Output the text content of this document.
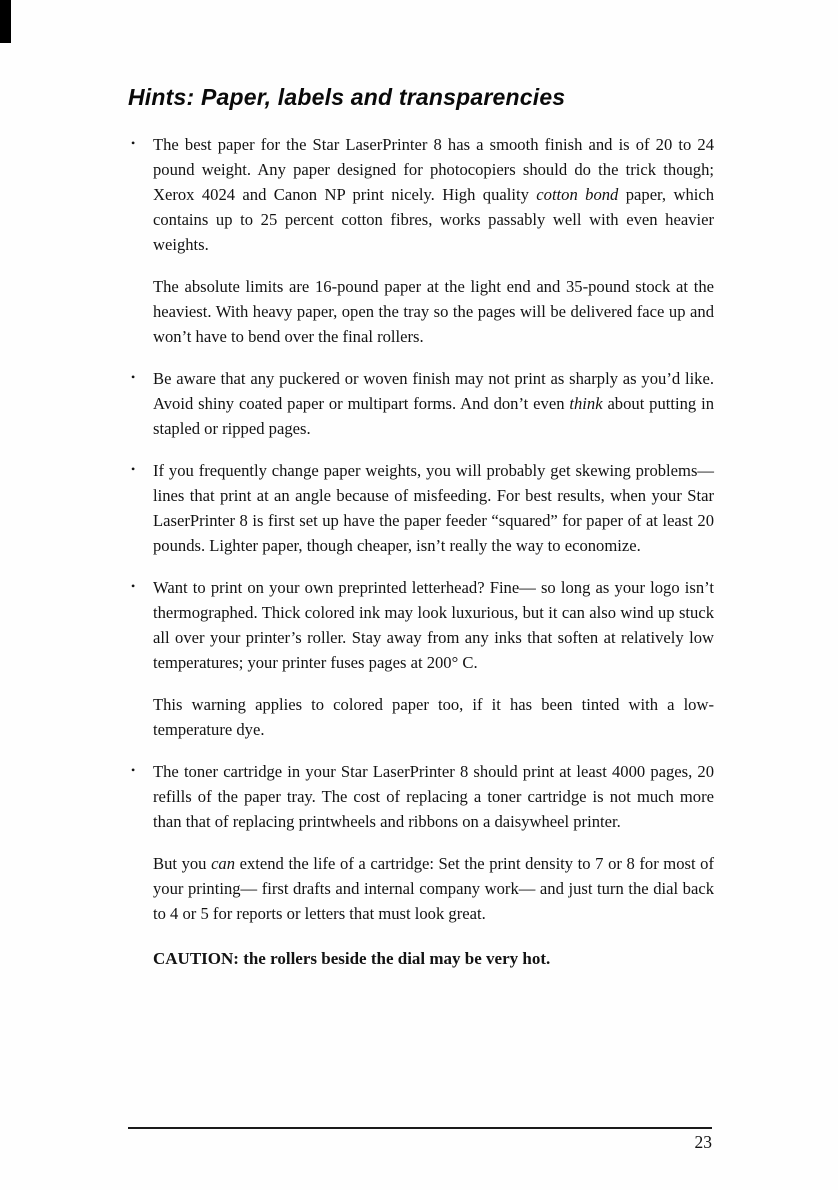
Hints: Paper, labels and transparencies
• The best paper for the Star LaserPrinter 8 has a smooth finish and is of 20 to 24 pound weight. Any paper designed for photocopiers should do the trick though; Xerox 4024 and Canon NP print nicely. High quality cotton bond paper, which contains up to 25 percent cotton fibres, works passably well with even heavier weights.

The absolute limits are 16-pound paper at the light end and 35-pound stock at the heaviest. With heavy paper, open the tray so the pages will be delivered face up and won’t have to bend over the final rollers.

• Be aware that any puckered or woven finish may not print as sharply as you’d like. Avoid shiny coated paper or multipart forms. And don’t even think about putting in stapled or ripped pages.

• If you frequently change paper weights, you will probably get skewing problems— lines that print at an angle because of misfeeding. For best results, when your Star LaserPrinter 8 is first set up have the paper feeder “squared” for paper of at least 20 pounds. Lighter paper, though cheaper, isn’t really the way to economize.

• Want to print on your own preprinted letterhead? Fine— so long as your logo isn’t thermographed. Thick colored ink may look luxurious, but it can also wind up stuck all over your printer’s roller. Stay away from any inks that soften at relatively low temperatures; your printer fuses pages at 200° C.

This warning applies to colored paper too, if it has been tinted with a low-temperature dye.

• The toner cartridge in your Star LaserPrinter 8 should print at least 4000 pages, 20 refills of the paper tray. The cost of replacing a toner cartridge is not much more than that of replacing printwheels and ribbons on a daisywheel printer.

But you can extend the life of a cartridge: Set the print density to 7 or 8 for most of your printing— first drafts and internal company work— and just turn the dial back to 4 or 5 for reports or letters that must look great.

CAUTION: the rollers beside the dial may be very hot.
23
